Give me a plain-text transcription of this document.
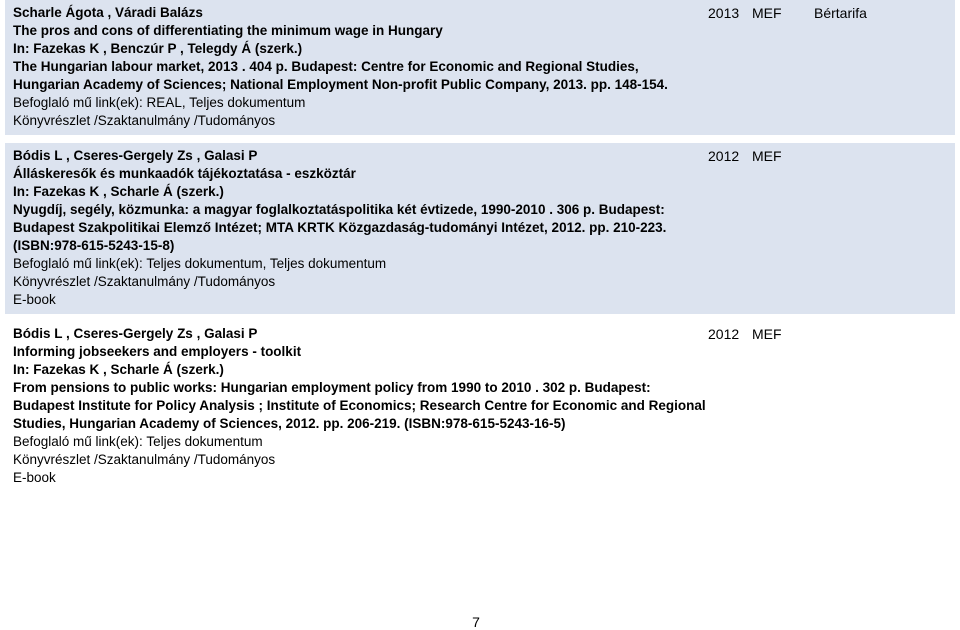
Scharle Ágota , Váradi Balázs
The pros and cons of differentiating the minimum wage in Hungary
In: Fazekas K , Benczúr P , Telegdy Á (szerk.)
The Hungarian labour market, 2013 . 404 p. Budapest: Centre for Economic and Regional Studies,
Hungarian Academy of Sciences; National Employment Non-profit Public Company, 2013. pp. 148-154.
Befoglaló mű link(ek): REAL, Teljes dokumentum
Könyvrészlet /Szaktanulmány /Tudományos
2013 MEF Bértarifa
Bódis L , Cseres-Gergely Zs , Galasi P
Álláskeresők és munkaadók tájékoztatása - eszköztár
In: Fazekas K , Scharle Á (szerk.)
Nyugdíj, segély, közmunka: a magyar foglalkoztatáspolitika két évtizede, 1990-2010 . 306 p. Budapest:
Budapest Szakpolitikai Elemző Intézet; MTA KRTK Közgazdaság-tudományi Intézet, 2012. pp. 210-223.
(ISBN:978-615-5243-15-8)
Befoglaló mű link(ek): Teljes dokumentum, Teljes dokumentum
Könyvrészlet /Szaktanulmány /Tudományos
E-book
2012 MEF
Bódis L , Cseres-Gergely Zs , Galasi P
Informing jobseekers and employers - toolkit
In: Fazekas K , Scharle Á (szerk.)
From pensions to public works: Hungarian employment policy from 1990 to 2010 . 302 p. Budapest:
Budapest Institute for Policy Analysis ; Institute of Economics; Research Centre for Economic and Regional
Studies, Hungarian Academy of Sciences, 2012. pp. 206-219. (ISBN:978-615-5243-16-5)
Befoglaló mű link(ek): Teljes dokumentum
Könyvrészlet /Szaktanulmány /Tudományos
E-book
2012 MEF
7
